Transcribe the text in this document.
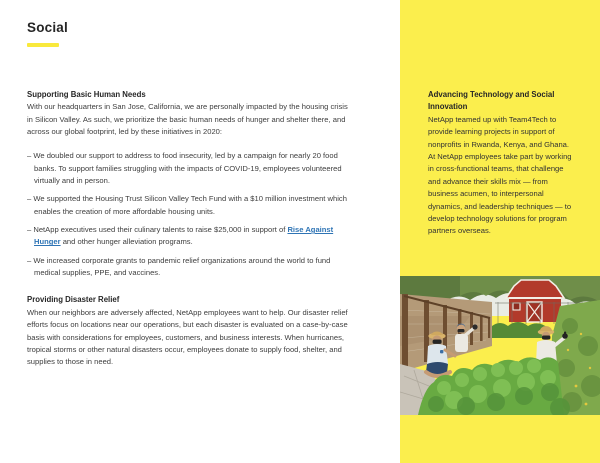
Social
Supporting Basic Human Needs

With our headquarters in San Jose, California, we are personally impacted by the housing crisis in Silicon Valley. As such, we prioritize the basic human needs of hunger and shelter there, and across our global footprint, led by these initiatives in 2020:

– We doubled our support to address to food insecurity, led by a campaign for nearly 20 food banks. To support families struggling with the impacts of COVID-19, employees volunteered virtually and in person.
– We supported the Housing Trust Silicon Valley Tech Fund with a $10 million investment which enables the creation of more affordable housing units.
– NetApp executives used their culinary talents to raise $25,000 in support of Rise Against Hunger and other hunger alleviation programs.
– We increased corporate grants to pandemic relief organizations around the world to fund medical supplies, PPE, and vaccines.
Providing Disaster Relief

When our neighbors are adversely affected, NetApp employees want to help. Our disaster relief efforts focus on locations near our operations, but each disaster is evaluated on a case-by-case basis with considerations for employees, customers, and business interests. When hurricanes, tropical storms or other natural disasters occur, employees donate to supply food, shelter, and supplies to those in need.

Advancing Technology and Social Innovation

NetApp teamed up with Team4Tech to provide learning projects in support of nonprofits in Rwanda, Kenya, and Ghana. At NetApp employees take part by working in cross-functional teams, that challenge and advance their skills mix — from business acumen, to interpersonal dynamics, and leadership techniques — to develop technology solutions for program partners overseas.
